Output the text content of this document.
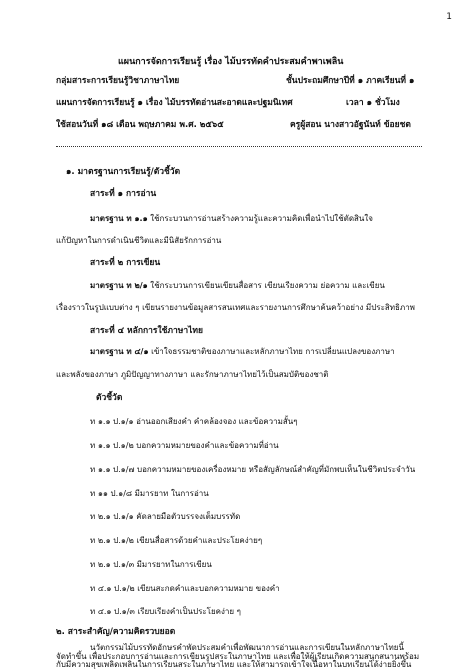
1
แผนการจัดการเรียนรู้ เรื่อง ไม้บรรทัดคำประสมคำพาเพลิน
กลุ่มสาระการเรียนรู้วิชาภาษาไทย	ชั้นประถมศึกษาปีที่ ๑ ภาคเรียนที่ ๑
แผนการจัดการเรียนรู้ ๑ เรื่อง ไม้บรรทัดอ่านสะอาดและปฐมนิเทศ	เวลา ๑ ชั่วโมง
ใช้สอนวันที่ ๑๘ เดือน พฤษภาคม พ.ศ. ๒๕๖๕	ครูผู้สอน นางสาวอัฐนันท์ ข้อยชต
๑. มาตรฐานการเรียนรู้/ตัวชี้วัด
สาระที่ ๑ การอ่าน
มาตรฐาน ท ๑.๑ ใช้กระบวนการอ่านสร้างความรู้และความคิดเพื่อนำไปใช้ตัดสินใจ
แก้ปัญหาในการดำเนินชีวิตและมีนิสัยรักการอ่าน
สาระที่ ๒ การเขียน
มาตรฐาน ท ๒/๑ ใช้กระบวนการเขียนเขียนสื่อสาร เขียนเรียงความ ย่อความ และเขียน
เรื่องราวในรูปแบบต่าง ๆ เขียนรายงานข้อมูลสารสนเทศและรายงานการศึกษาค้นคว้าอย่าง มีประสิทธิภาพ
สาระที่ ๔ หลักการใช้ภาษาไทย
มาตรฐาน ท ๔/๑ เข้าใจธรรมชาติของภาษาและหลักภาษาไทย การเปลี่ยนแปลงของภาษา
และพลังของภาษา ภูมิปัญญาทางภาษา และรักษาภาษาไทยไว้เป็นสมบัติของชาติ
ตัวชี้วัด
ท ๑.๑ ป.๑/๑ อ่านออกเสียงคำ คำคล้องจอง และข้อความสั้นๆ
ท ๑.๑ ป.๑/๒ บอกความหมายของคำและข้อความที่อ่าน
ท ๑.๑ ป.๑/๗ บอกความหมายของเครื่องหมาย หรือสัญลักษณ์สำคัญที่มักพบเห็นในชีวิตประจำวัน
ท ๑๑ ป.๑/๘ มีมารยาท ในการอ่าน
ท ๒.๑ ป.๑/๑ คัดลายมือตัวบรรจงเต็มบรรทัด
ท ๒.๑ ป.๑/๒ เขียนสื่อสารด้วยคำและประโยคง่ายๆ
ท ๒.๑ ป.๑/๓ มีมารยาทในการเขียน
ท ๔.๑ ป.๑/๒ เขียนสะกดคำและบอกความหมาย ของคำ
ท ๔.๑ ป.๑/๓ เรียบเรียงคำเป็นประโยคง่าย ๆ
๒. สาระสำคัญ/ความคิดรวบยอด
นวัตกรรมไม้บรรทัดอักษรคำพัดประสมคำเพื่อพัฒนาการอ่านและการเขียนในหลักภาษาไทยนี้
จัดทำขึ้น เพื่อประกอบการอ่านและการเขียนรูปสระในภาษาไทย และเพื่อให้ผู้เรียนเกิดความสนุกสนานพร้อม
กับมีความสุขเพลิดเพลินในการเรียนสระในภาษาไทย และให้สามารถเข้าใจเนื้อหาในบทเรียนได้ง่ายยิ่งขึ้น
